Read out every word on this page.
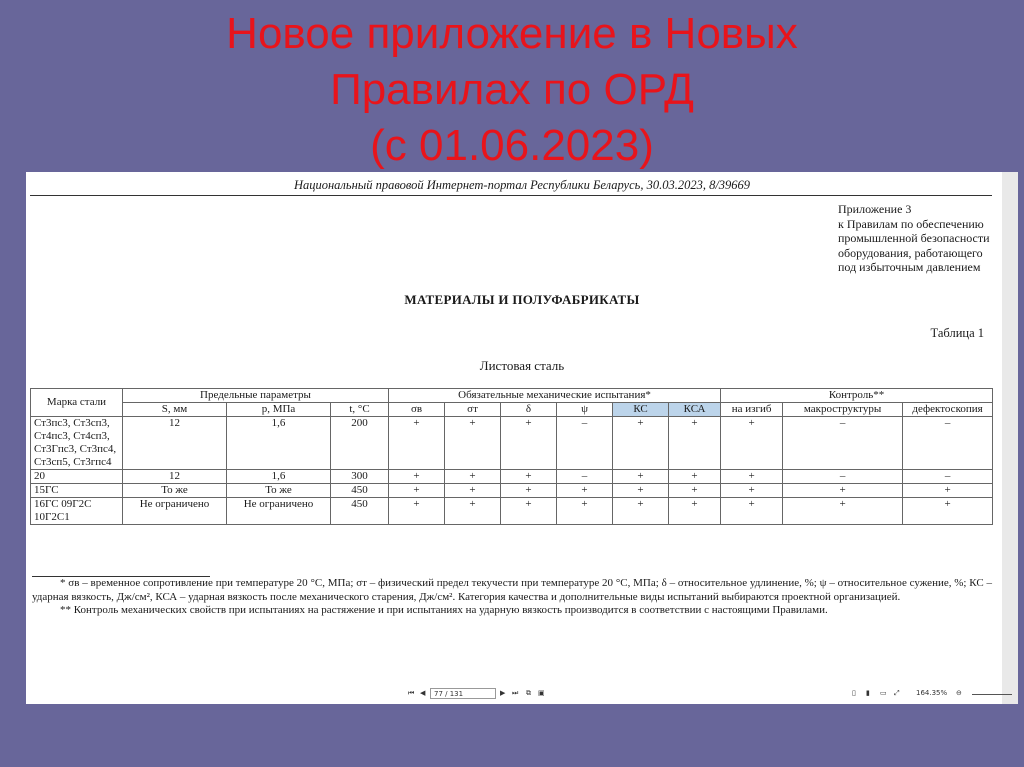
Новое приложение в Новых
Правилах по ОРД
(с 01.06.2023)
Национальный правовой Интернет-портал Республики Беларусь, 30.03.2023, 8/39669
Приложение 3
к Правилам по обеспечению
промышленной безопасности
оборудования, работающего
под избыточным давлением
МАТЕРИАЛЫ И ПОЛУФАБРИКАТЫ
Таблица 1
Листовая сталь
Марка стали	Предельные параметры			Обязательные механические испытания*						Контроль**		
	S, мм	p, МПа	t, °C	σв	σт	δ	ψ	КС	КСА	на изгиб	макроструктуры	дефектоскопия
Ст3пс3, Ст3сп3, Ст4пс3, Ст4сп3, Ст3Гпс3, Ст3пс4, Ст3сп5, Ст3гпс4	12	1,6	200	+	+	+	–	+	+	+	–	–
20	12	1,6	300	+	+	+	–	+	+	+	–	–
15ГС	То же	То же	450	+	+	+	+	+	+	+	+	+
16ГС 09Г2С 10Г2С1	Не ограничено	Не ограничено	450	+	+	+	+	+	+	+	+	+

* σв – временное сопротивление при температуре 20 °С, МПа; σт – физический предел текучести при температуре 20 °С, МПа; δ – относительное удлинение, %; ψ – относительное сужение, %; КС – ударная вязкость, Дж/см², КСА – ударная вязкость после механического старения, Дж/см². Категория качества и дополнительные виды испытаний выбираются проектной организацией.

** Контроль механических свойств при испытаниях на растяжение и при испытаниях на ударную вязкость производится в соответствии с настоящими Правилами.

⏮ ◀	77 / 131	▶ ⏭ ⧉ ▣	▯ ▮ ▭ ⤢ 164.35% ⊖
